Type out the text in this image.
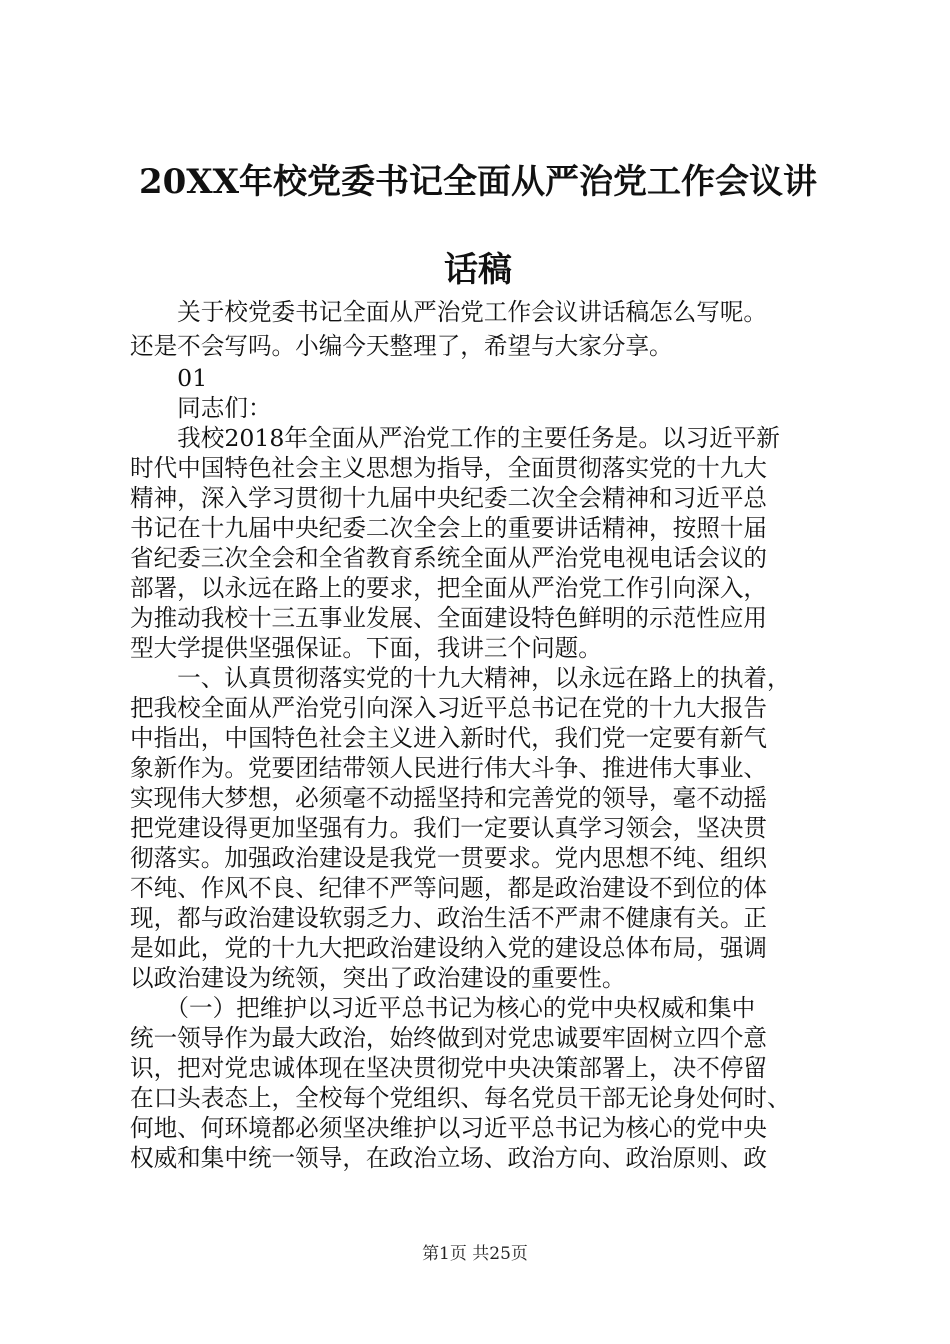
20XX年校党委书记全面从严治党工作会议讲
话稿
　　关于校党委书记全面从严治党工作会议讲话稿怎么写呢。
还是不会写吗。小编今天整理了，希望与大家分享。
　　01
　　同志们：
　　我校2018年全面从严治党工作的主要任务是。以习近平新
时代中国特色社会主义思想为指导，全面贯彻落实党的十九大
精神，深入学习贯彻十九届中央纪委二次全会精神和习近平总
书记在十九届中央纪委二次全会上的重要讲话精神，按照十届
省纪委三次全会和全省教育系统全面从严治党电视电话会议的
部署，以永远在路上的要求，把全面从严治党工作引向深入，
为推动我校十三五事业发展、全面建设特色鲜明的示范性应用
型大学提供坚强保证。下面，我讲三个问题。
　　一、认真贯彻落实党的十九大精神，以永远在路上的执着，
把我校全面从严治党引向深入习近平总书记在党的十九大报告
中指出，中国特色社会主义进入新时代，我们党一定要有新气
象新作为。党要团结带领人民进行伟大斗争、推进伟大事业、
实现伟大梦想，必须毫不动摇坚持和完善党的领导，毫不动摇
把党建设得更加坚强有力。我们一定要认真学习领会，坚决贯
彻落实。加强政治建设是我党一贯要求。党内思想不纯、组织
不纯、作风不良、纪律不严等问题，都是政治建设不到位的体
现，都与政治建设软弱乏力、政治生活不严肃不健康有关。正
是如此，党的十九大把政治建设纳入党的建设总体布局，强调
以政治建设为统领，突出了政治建设的重要性。
　　（一）把维护以习近平总书记为核心的党中央权威和集中
统一领导作为最大政治，始终做到对党忠诚要牢固树立四个意
识，把对党忠诚体现在坚决贯彻党中央决策部署上，决不停留
在口头表态上，全校每个党组织、每名党员干部无论身处何时、
何地、何环境都必须坚决维护以习近平总书记为核心的党中央
权威和集中统一领导，在政治立场、政治方向、政治原则、政
第1页 共25页
